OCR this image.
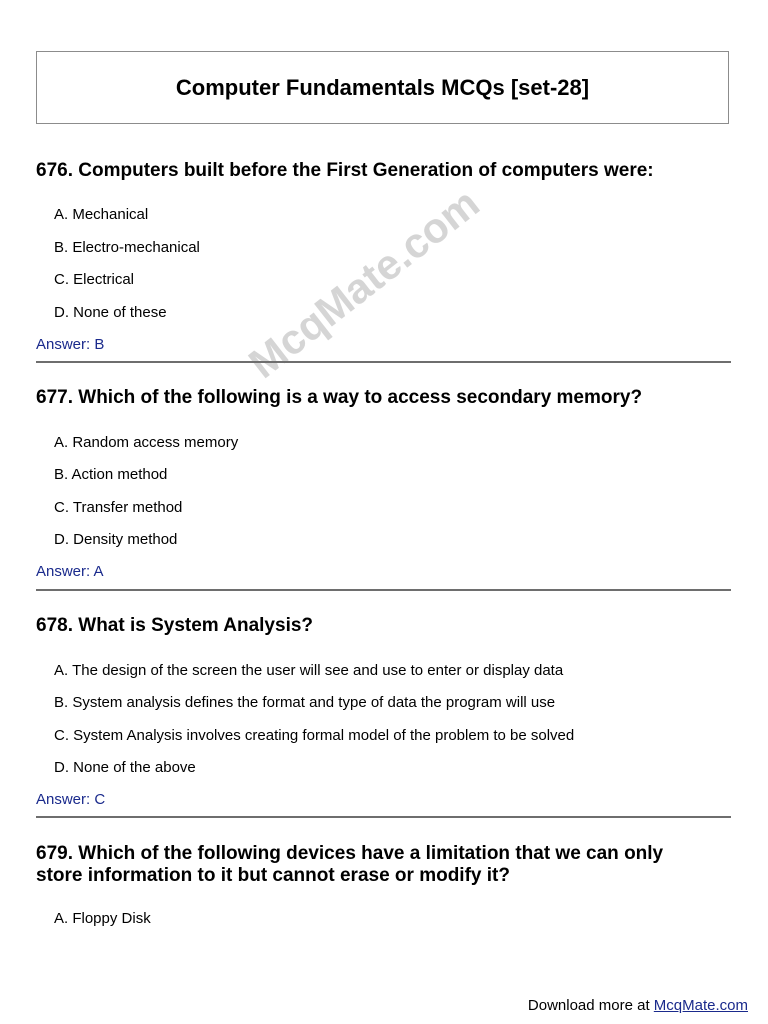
Computer Fundamentals MCQs [set-28]
McqMate.com

676. Computers built before the First Generation of computers were:

A. Mechanical
B. Electro-mechanical
C. Electrical
D. None of these
Answer: B

677. Which of the following is a way to access secondary memory?

A. Random access memory
B. Action method
C. Transfer method
D. Density method
Answer: A

678. What is System Analysis?

A. The design of the screen the user will see and use to enter or display data
B. System analysis defines the format and type of data the program will use
C. System Analysis involves creating formal model of the problem to be solved
D. None of the above
Answer: C

679. Which of the following devices have a limitation that we can only

store information to it but cannot erase or modify it?

A. Floppy Disk
Download more at McqMate.com
